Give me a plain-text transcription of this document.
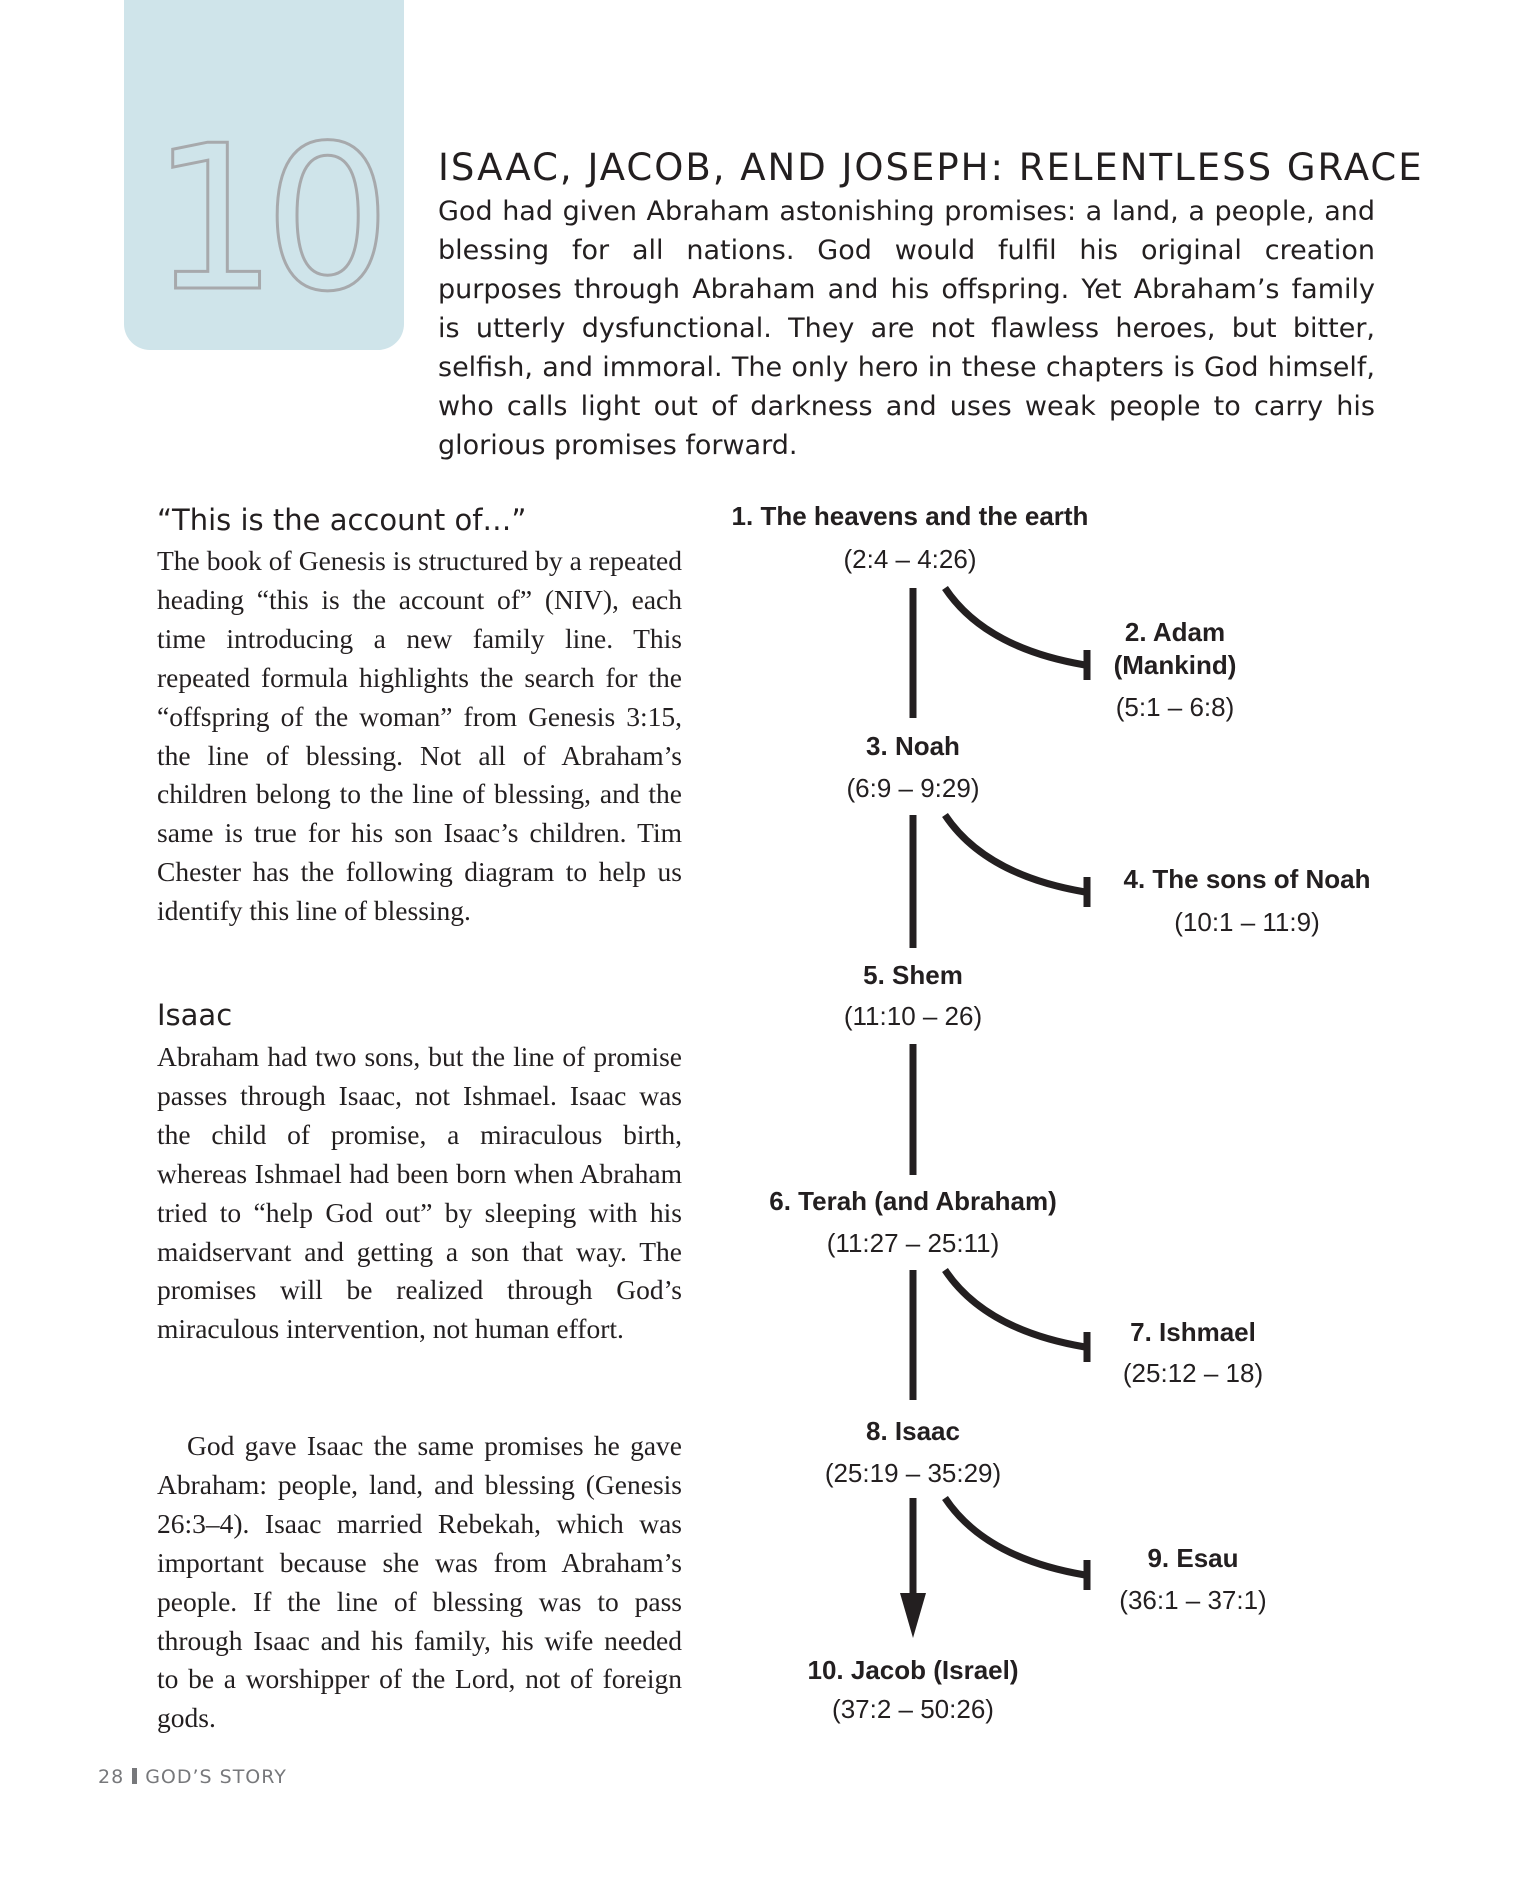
10	ISAAC, JACOB, AND JOSEPH: RELENTLESS GRACE

God had given Abraham astonishing promises: a land, a people, and blessing for all nations. God would fulfil his original creation purposes through Abraham and his offspring. Yet Abraham’s family is utterly dysfunctional. They are not flawless heroes, but bitter, selfish, and immoral. The only hero in these chapters is God himself, who calls light out of darkness and uses weak people to carry his glorious promises forward.

“This is the account of…”

The book of Genesis is structured by a repeated heading “this is the account of” (NIV), each time introducing a new family line. This repeated formula highlights the search for the “offspring of the woman” from Genesis 3:15, the line of blessing. Not all of Abraham’s children belong to the line of blessing, and the same is true for his son Isaac’s children. Tim Chester has the following diagram to help us identify this line of blessing.

Isaac

Abraham had two sons, but the line of promise passes through Isaac, not Ishmael. Isaac was the child of promise, a miraculous birth, whereas Ishmael had been born when Abraham tried to “help God out” by sleeping with his maidservant and getting a son that way. The promises will be realized through God’s miraculous intervention, not human effort.

God gave Isaac the same promises he gave Abraham: people, land, and blessing (Genesis 26:3–4). Isaac married Rebekah, which was important because she was from Abraham’s people. If the line of blessing was to pass through Isaac and his family, his wife needed to be a worshipper of the Lord, not of foreign gods.

1. The heavens and the earth
(2:4 – 4:26)
2. Adam
(Mankind)
(5:1 – 6:8)
3. Noah
(6:9 – 9:29)
4. The sons of Noah
(10:1 – 11:9)
5. Shem
(11:10 – 26)
6. Terah (and Abraham)
(11:27 – 25:11)
7. Ishmael
(25:12 – 18)
8. Isaac
(25:19 – 35:29)
9. Esau
(36:1 – 37:1)
10. Jacob (Israel)
(37:2 – 50:26)

28 GOD’S STORY
